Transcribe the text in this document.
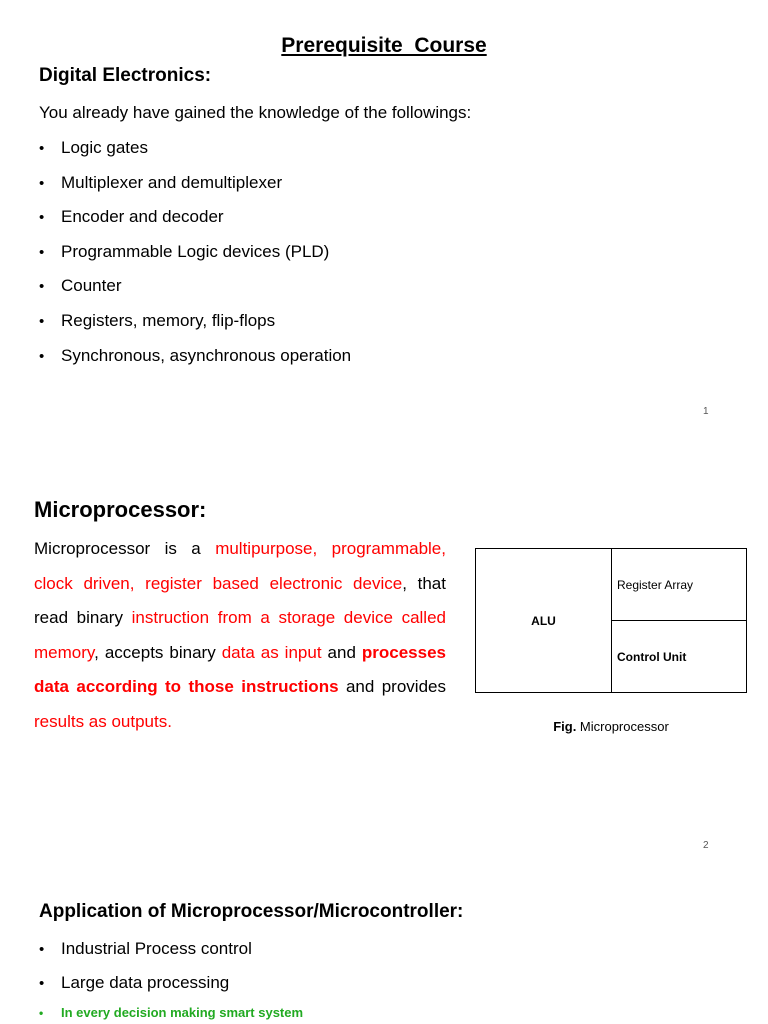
Prerequisite  Course
Digital Electronics:
You already have gained the knowledge of the followings:
• Logic gates
• Multiplexer and demultiplexer
• Encoder and decoder
• Programmable Logic devices (PLD)
• Counter
• Registers, memory, flip-flops
• Synchronous, asynchronous operation
1
Microprocessor:
Microprocessor is a multipurpose, programmable, clock driven, register based electronic device, that read binary instruction from a storage device called memory, accepts binary data as input and processes data according to those instructions and provides results as outputs.
ALU
Register Array
Control Unit
Fig. Microprocessor
2
Application of Microprocessor/Microcontroller:
• Industrial Process control
• Large data processing
•	In every decision making smart system
